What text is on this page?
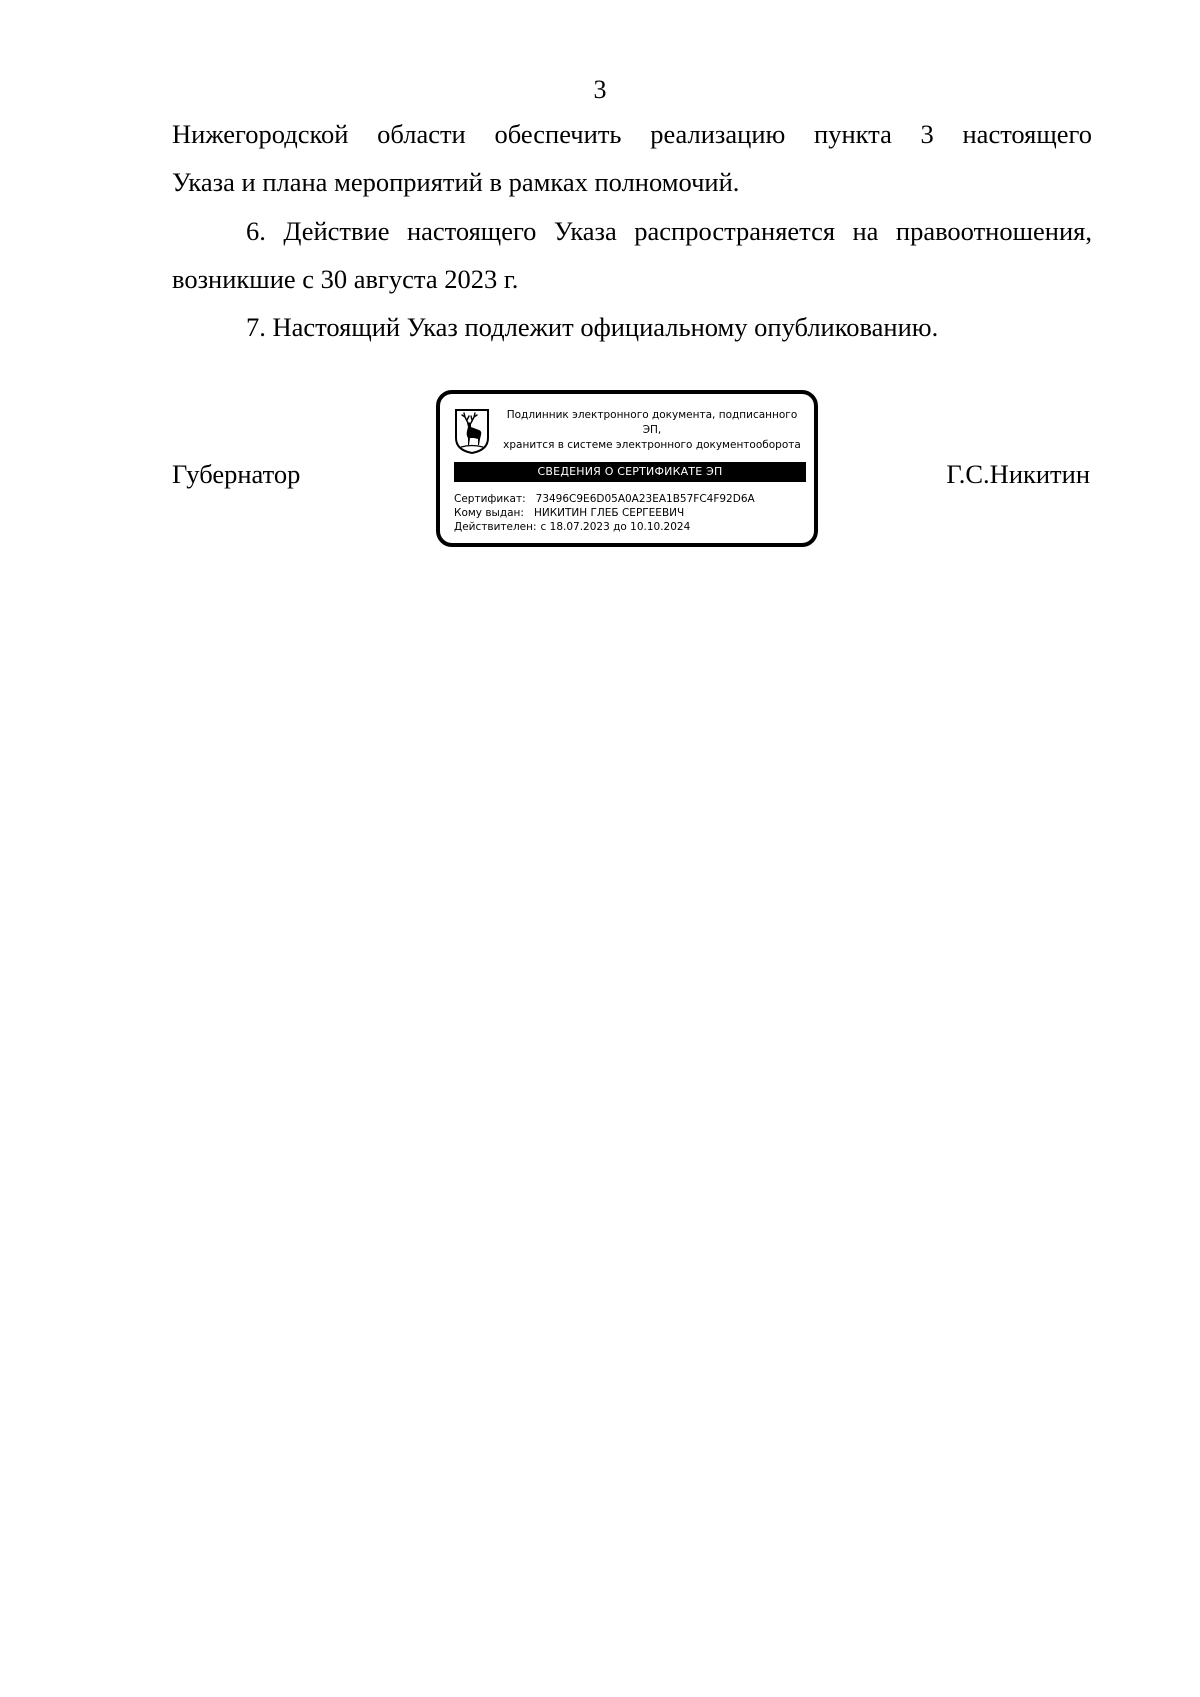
3
Нижегородской области обеспечить реализацию пункта 3 настоящего
Указа и плана мероприятий в рамках полномочий.
6. Действие настоящего Указа распространяется на правоотношения,
возникшие с 30 августа 2023 г.
7. Настоящий Указ подлежит официальному опубликованию.
Губернатор
Подлинник электронного документа, подписанного ЭП,
хранится в системе электронного документооборота
СВЕДЕНИЯ О СЕРТИФИКАТЕ ЭП
Сертификат: 73496C9E6D05A0A23EA1B57FC4F92D6A
Кому выдан: НИКИТИН ГЛЕБ СЕРГЕЕВИЧ
Действителен: с 18.07.2023 до 10.10.2024
Г.С.Никитин
